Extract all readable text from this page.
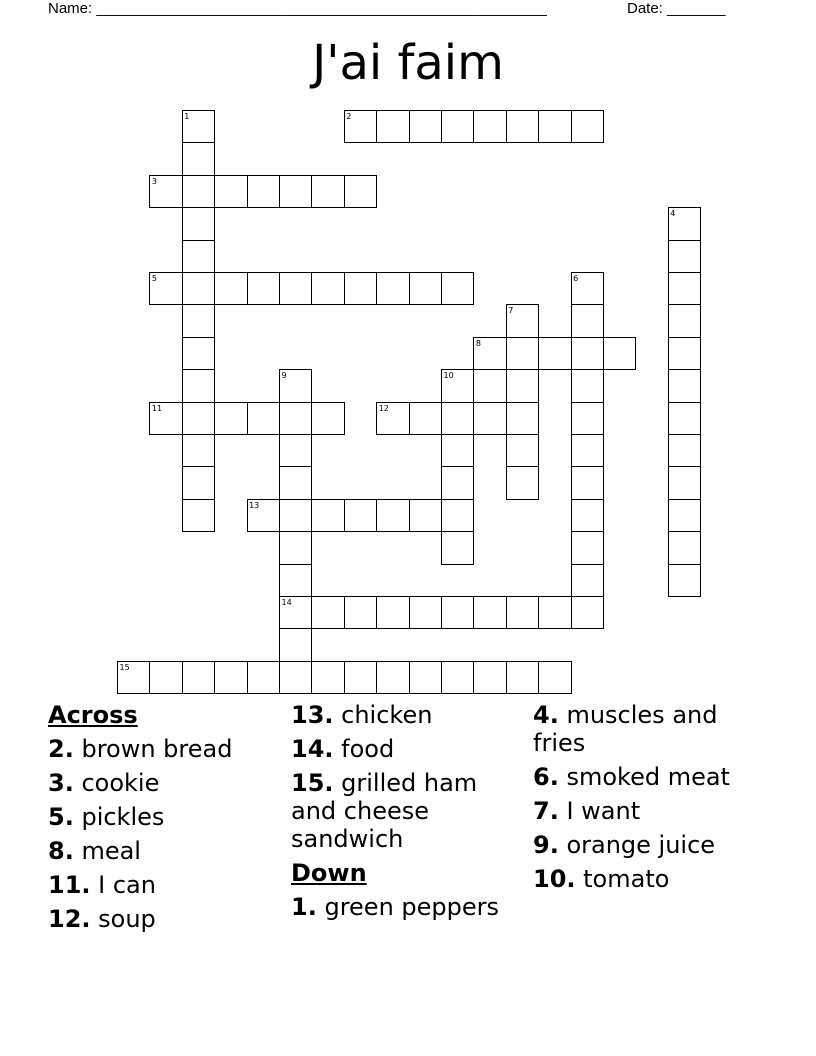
Name: ______________________________________________________	Date: _______
J'ai faim
1	2
3
4
5	6
7
8
9	10
11	12
13
14
15
Across
2. brown bread
3. cookie
5. pickles
8. meal
11. I can
12. soup
13. chicken
14. food
15. grilled ham and cheese sandwich
Down
1. green peppers
4. muscles and fries
6. smoked meat
7. I want
9. orange juice
10. tomato
